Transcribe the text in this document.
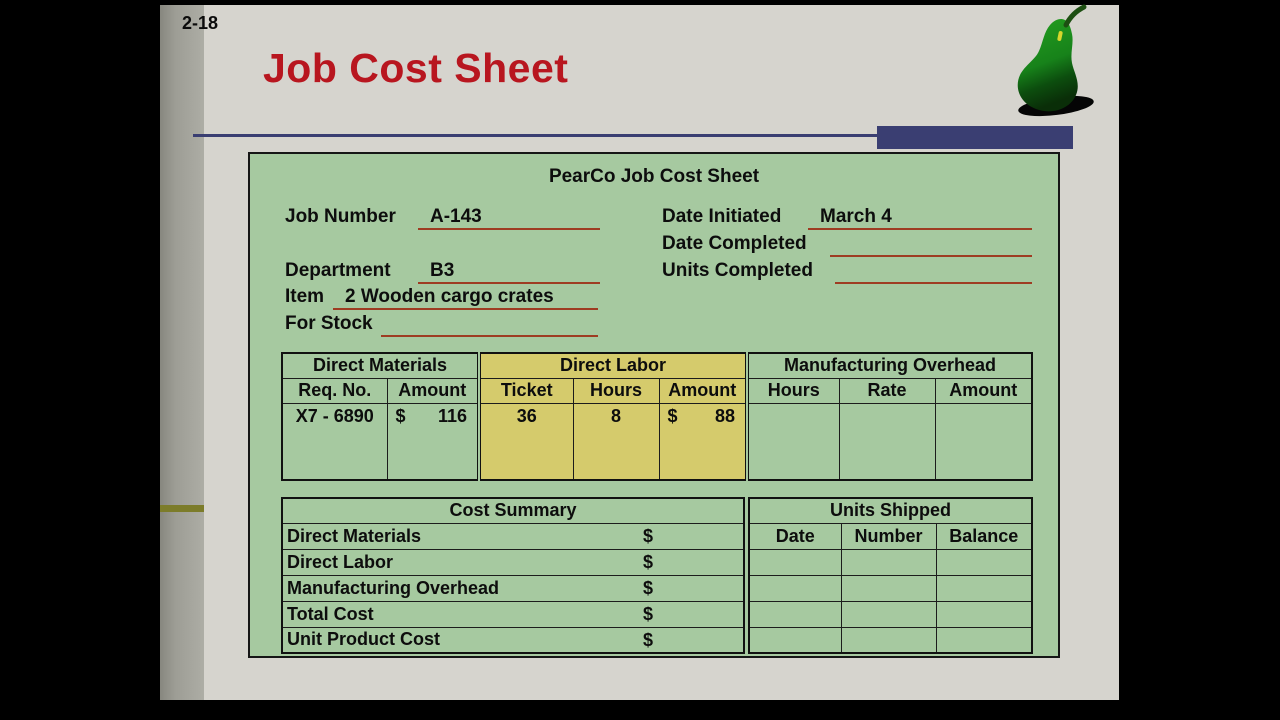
2-18
Job Cost Sheet
PearCo Job Cost Sheet
Job Number	A-143	Date Initiated	March 4
Date Completed
Department	B3	Units Completed
Item	2 Wooden cargo crates
For Stock
Direct Materials		Direct Labor			Manufacturing Overhead		
Req. No.	Amount	Ticket	Hours	Amount	Hours	Rate	Amount
X7 - 6890	$ 116	36	8	$ 88			

Cost Summary
Direct Materials	$

Direct Labor	$

Manufacturing Overhead	$

Total Cost	$

Unit Product Cost	$
Units Shipped		
Date	Number	Balance
